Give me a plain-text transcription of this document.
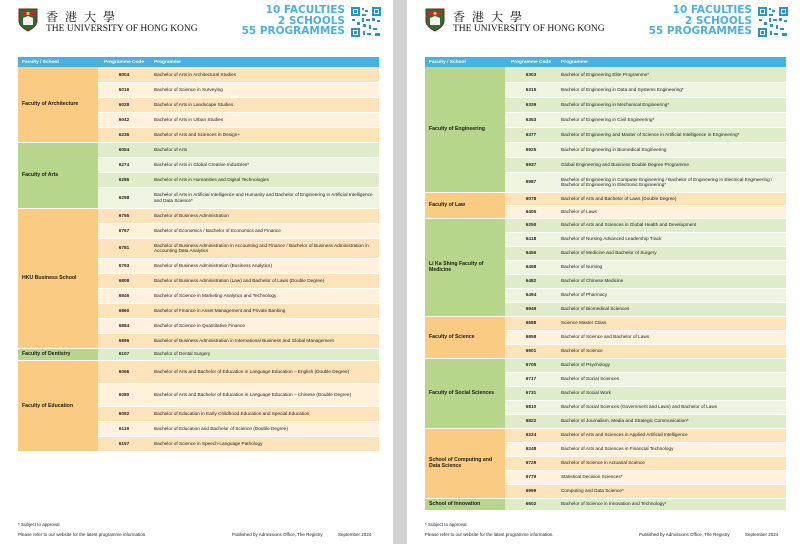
香港大學
THE UNIVERSITY OF HONG KONG
10 FACULTIES
2 SCHOOLS
55 PROGRAMMES
Faculty / School	Programme Code	Programme
Faculty of Architecture	6004	Bachelor of Arts in Architectural Studies
	6016	Bachelor of Science in Surveying
	6028	Bachelor of Arts in Landscape Studies
	6042	Bachelor of Arts in Urban Studies
	6236	Bachelor of Arts and Sciences in Design+
Faculty of Arts	6054	Bachelor of Arts
	6274	Bachelor of Arts in Global Creative Industries*
	6286	Bachelor of Arts in Humanities and Digital Technologies
	6298	Bachelor of Arts in Artificial Intelligence and Humanity and Bachelor of Engineering in Artificial Intelligence and Data Science*
HKU Business School	6755	Bachelor of Business Administration
	6767	Bachelor of Economics / Bachelor of Economics and Finance
	6781	Bachelor of Business Administration in Accounting and Finance / Bachelor of Business Administration in Accounting Data Analytics
	6793	Bachelor of Business Administration (Business Analytics)
	6808	Bachelor of Business Administration (Law) and Bachelor of Laws (Double Degree)
	6846	Bachelor of Science in Marketing Analytics and Technology
	6860	Bachelor of Finance in Asset Management and Private Banking
	6884	Bachelor of Science in Quantitative Finance
	6896	Bachelor of Business Administration in International Business and Global Management
Faculty of Dentistry	6107	Bachelor of Dental Surgery
Faculty of Education	6066	Bachelor of Arts and Bachelor of Education in Language Education – English (Double Degree)
	6080	Bachelor of Arts and Bachelor of Education in Language Education – Chinese (Double Degree)
	6092	Bachelor of Education in Early Childhood Education and Special Education
	6119	Bachelor of Education and Bachelor of Science (Double Degree)
	6157	Bachelor of Science in Speech-Language Pathology
* Subject to approval
Please refer to our website for the latest programme information.	Published by Admissions Office, The Registry	September 2024
香港大學
THE UNIVERSITY OF HONG KONG
10 FACULTIES
2 SCHOOLS
55 PROGRAMMES
Faculty / School	Programme Code	Programme
Faculty of Engineering	6303	Bachelor of Engineering Elite Programme*
	6315	Bachelor of Engineering in Data and Systems Engineering*
	6339	Bachelor of Engineering in Mechanical Engineering*
	6353	Bachelor of Engineering in Civil Engineering*
	6377	Bachelor of Engineering and Master of Science in Artificial Intelligence in Engineering*
	6925	Bachelor of Engineering in Biomedical Engineering
	6937	Global Engineering and Business Double Degree Programme
	6987	Bachelor of Engineering in Computer Engineering / Bachelor of Engineering in Electrical Engineering / Bachelor of Engineering in Electronic Engineering*
Faculty of Law	6078	Bachelor of Arts and Bachelor of Laws (Double Degree)
	6405	Bachelor of Laws
Li Ka Shing Faculty of Medicine	6250	Bachelor of Arts and Sciences in Global Health and Development
	6418	Bachelor of Nursing Advanced Leadership Track
	6456	Bachelor of Medicine and Bachelor of Surgery
	6468	Bachelor of Nursing
	6482	Bachelor of Chinese Medicine
	6494	Bachelor of Pharmacy
	6949	Bachelor of Biomedical Sciences
Faculty of Science	6688	Science Master Class
	6858	Bachelor of Science and Bachelor of Laws
	6901	Bachelor of Science
Faculty of Social Sciences	6705	Bachelor of Psychology
	6717	Bachelor of Social Sciences
	6731	Bachelor of Social Work
	6810	Bachelor of Social Sciences (Government and Laws) and Bachelor of Laws
	6822	Bachelor of Journalism, Media and Strategic Communication*
School of Computing and Data Science	6224	Bachelor of Arts and Sciences in Applied Artificial Intelligence
	6248	Bachelor of Arts and Sciences in Financial Technology
	6729	Bachelor of Science in Actuarial Science
	6779	Statistical Decision Sciences*
	6999	Computing and Data Science*
School of Innovation	6602	Bachelor of Science in Innovation and Technology*
* Subject to approval
Please refer to our website for the latest programme information.	Published by Admissions Office, The Registry	September 2024
